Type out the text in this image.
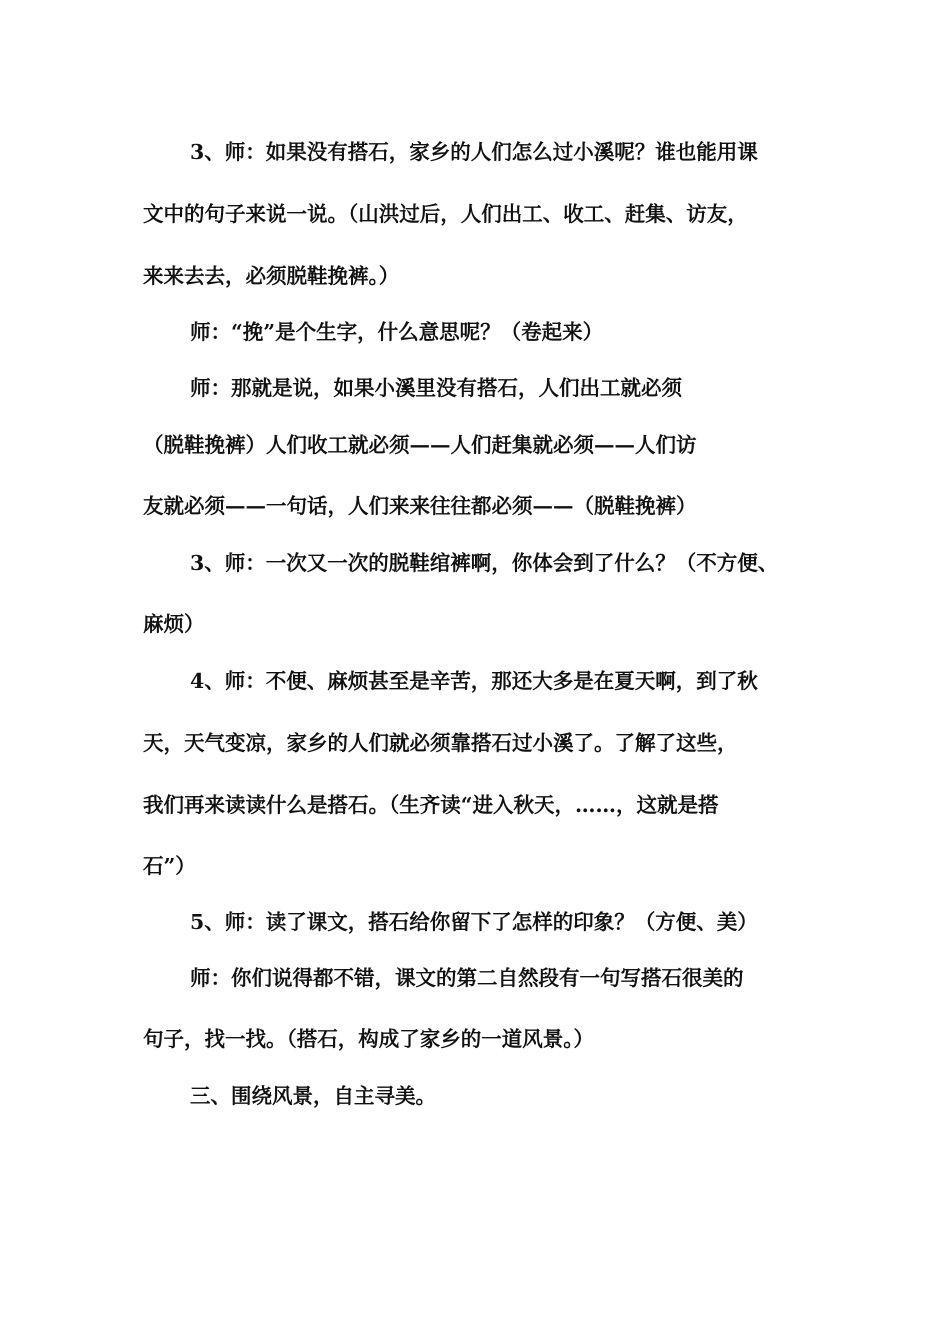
3、师：如果没有搭石，家乡的人们怎么过小溪呢？谁也能用课
文中的句子来说一说。（山洪过后，人们出工、收工、赶集、访友，
来来去去，必须脱鞋挽裤。）
师：“挽”是个生字，什么意思呢？（卷起来）
师：那就是说，如果小溪里没有搭石，人们出工就必须
（脱鞋挽裤）人们收工就必须——人们赶集就必须——人们访
友就必须——一句话，人们来来往往都必须——（脱鞋挽裤）
3、师：一次又一次的脱鞋绾裤啊，你体会到了什么？（不方便、
麻烦）
4、师：不便、麻烦甚至是辛苦，那还大多是在夏天啊，到了秋
天，天气变凉，家乡的人们就必须靠搭石过小溪了。了解了这些，
我们再来读读什么是搭石。（生齐读“进入秋天，……，这就是搭
石”）
5、师：读了课文，搭石给你留下了怎样的印象？（方便、美）
师：你们说得都不错，课文的第二自然段有一句写搭石很美的
句子，找一找。（搭石，构成了家乡的一道风景。）
三、围绕风景，自主寻美。
